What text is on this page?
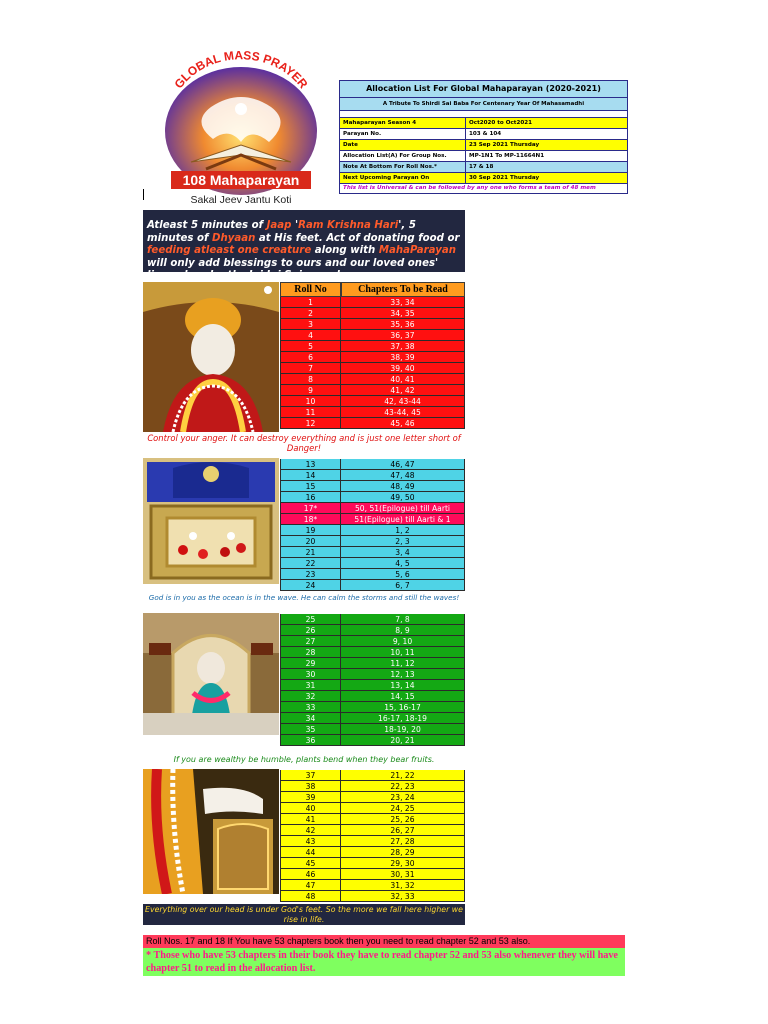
GLOBAL MASS PRAYER
108 Mahaparayan
Sakal Jeev Jantu Koti
Allocation List For Global Mahaparayan (2020-2021)
A Tribute To Shirdi Sai Baba For Centenary Year Of Mahasamadhi
Mahaparayan Season 4	Oct2020 to Oct2021
Parayan No.	103 & 104
Date	23 Sep 2021 Thursday
Allocation List(A) For Group Nos.	MP-1N1 To MP-11664N1
Note At Bottom For Roll Nos.*	17 & 18
Next Upcoming Parayan On	30 Sep 2021 Thursday
This list is Universal & can be followed by any one who forms a team of 48 mem
Atleast 5 minutes of Jaap 'Ram Krishna Hari', 5 minutes of Dhyaan at His feet. Act of donating food or feeding atleast one creature along with MahaParayan will only add blessings to ours and our loved ones' lives abundantly. Jai Jai Sairam...!
Roll No	Chapters To be Read
Control your anger. It can destroy everything and is just one letter short of Danger!
God is in you as the ocean is in the wave. He can calm the storms and still the waves!
If you are wealthy be humble, plants bend when they bear fruits.
Everything over our head is under God's feet. So the more we fall here higher we rise in life.
Roll Nos. 17 and 18 If You have 53 chapters book then you need to read chapter 52 and 53 also.
* Those who have 53 chapters in their book they have to read chapter 52 and 53 also whenever they will have chapter 51 to read in the allocation list.
1	33, 34
2	34, 35
3	35, 36
4	36, 37
5	37, 38
6	38, 39
7	39, 40
8	40, 41
9	41, 42
10	42, 43-44
11	43-44, 45
12	45, 46
13	46, 47
14	47, 48
15	48, 49
16	49, 50
17*	50, 51(Epilogue) till Aarti
18*	51(Epilogue) till Aarti & 1
19	1, 2
20	2, 3
21	3, 4
22	4, 5
23	5, 6
24	6, 7
25	7, 8
26	8, 9
27	9, 10
28	10, 11
29	11, 12
30	12, 13
31	13, 14
32	14, 15
33	15, 16-17
34	16-17, 18-19
35	18-19, 20
36	20, 21
37	21, 22
38	22, 23
39	23, 24
40	24, 25
41	25, 26
42	26, 27
43	27, 28
44	28, 29
45	29, 30
46	30, 31
47	31, 32
48	32, 33
